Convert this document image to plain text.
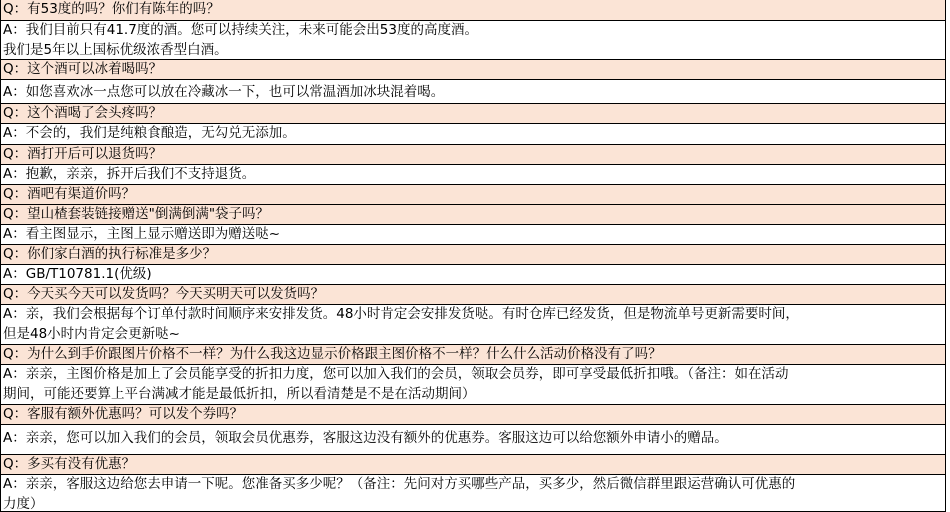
Q：有53度的吗？你们有陈年的吗？
A：我们目前只有41.7度的酒。您可以持续关注，未来可能会出53度的高度酒。
我们是5年以上国标优级浓香型白酒。
Q：这个酒可以冰着喝吗？
A：如您喜欢冰一点您可以放在冷藏冰一下，也可以常温酒加冰块混着喝。
Q：这个酒喝了会头疼吗？
A：不会的，我们是纯粮食酿造，无勾兑无添加。
Q：酒打开后可以退货吗？
A：抱歉，亲亲，拆开后我们不支持退货。
Q：酒吧有渠道价吗？
Q：望山楂套装链接赠送"倒满倒满"袋子吗？
A：看主图显示，主图上显示赠送即为赠送哒~
Q：你们家白酒的执行标准是多少？
A：GB/T10781.1(优级)
Q：今天买今天可以发货吗？今天买明天可以发货吗？
A：亲，我们会根据每个订单付款时间顺序来安排发货。48小时肯定会安排发货哒。有时仓库已经发货，但是物流单号更新需要时间，
但是48小时内肯定会更新哒~
Q：为什么到手价跟图片价格不一样？为什么我这边显示价格跟主图价格不一样？什么什么活动价格没有了吗？
A：亲亲，主图价格是加上了会员能享受的折扣力度，您可以加入我们的会员，领取会员券，即可享受最低折扣哦。（备注：如在活动
期间，可能还要算上平台满减才能是最低折扣，所以看清楚是不是在活动期间）
Q：客服有额外优惠吗？可以发个券吗？
A：亲亲，您可以加入我们的会员，领取会员优惠券，客服这边没有额外的优惠券。客服这边可以给您额外申请小的赠品。
Q：多买有没有优惠？
A：亲亲，客服这边给您去申请一下呢。您准备买多少呢？（备注：先问对方买哪些产品，买多少，然后微信群里跟运营确认可优惠的
力度）
